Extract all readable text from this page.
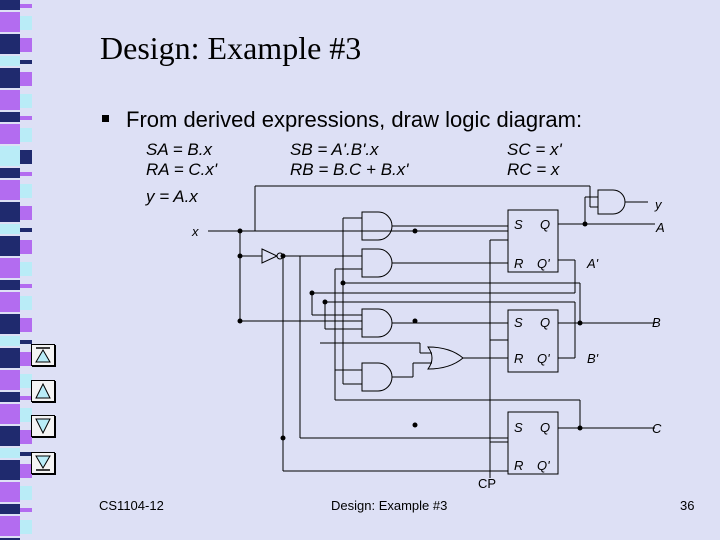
Design: Example #3
From derived expressions, draw logic diagram:
SA = B.x
RA = C.x'
y = A.x
SB = A'.B'.x
RB = B.C + B.x'
SC = x'
RC = x
x
y
CP
S Q
R Q'
S Q
R Q'
S Q
R Q'
A
A'
B
B'
C
CS1104-12	Design: Example #3	36
